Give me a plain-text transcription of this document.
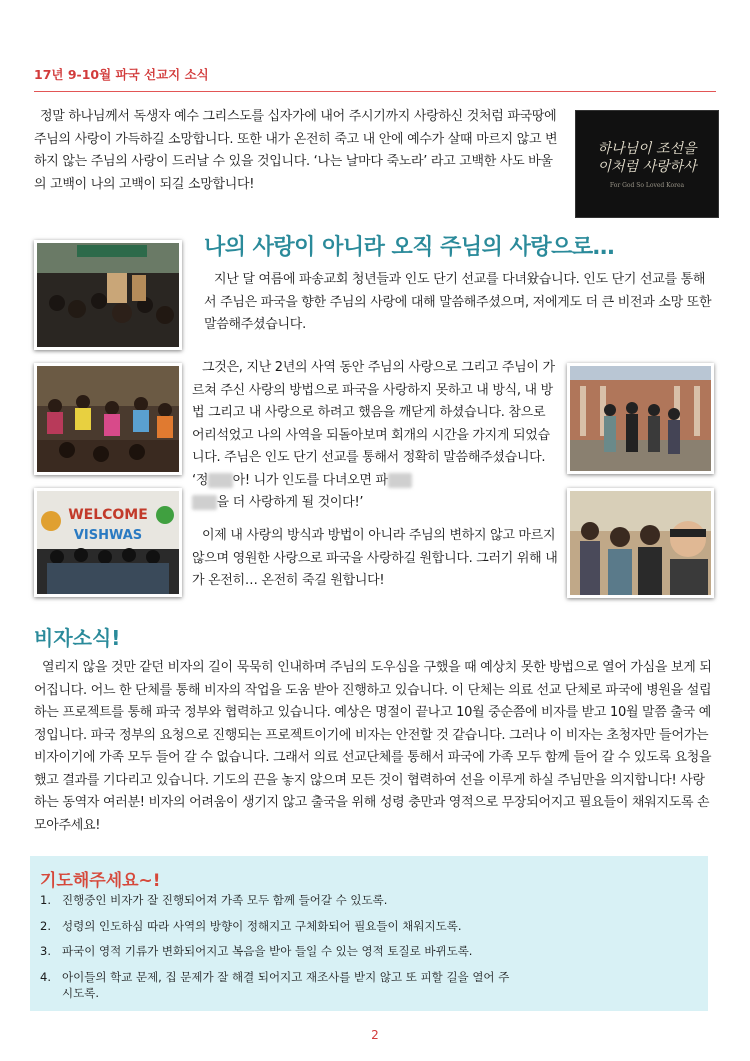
17년 9-10월 파국 선교지 소식
정말 하나님께서 독생자 예수 그리스도를 십자가에 내어 주시기까지 사랑하신 것처럼 파국땅에 주님의 사랑이 가득하길 소망합니다. 또한 내가 온전히 죽고 내 안에 예수가 살때 마르지 않고 변하지 않는 주님의 사랑이 드러날 수 있을 것입니다. ‘나는 날마다 죽노라’ 라고 고백한 사도 바울의 고백이 나의 고백이 되길 소망합니다!
하나님이 조선을
이처럼 사랑하사
For God So Loved Korea
WELCOME
VISHWAS
나의 사랑이 아니라 오직 주님의 사랑으로…
지난 달 여름에 파송교회 청년들과 인도 단기 선교를 다녀왔습니다. 인도 단기 선교를 통해서 주님은 파국을 향한 주님의 사랑에 대해 말씀해주셨으며, 저에게도 더 큰 비전과 소망 또한 말씀해주셨습니다.
그것은, 지난 2년의 사역 동안 주님의 사랑으로 그리고 주님이 가르쳐 주신 사랑의 방법으로 파국을 사랑하지 못하고 내 방식, 내 방법 그리고 내 사랑으로 하려고 했음을 깨닫게 하셨습니다. 참으로 어리석었고 나의 사역을 되돌아보며 회개의 시간을 가지게 되었습니다. 주님은 인도 단기 선교를 통해서 정확히 말씀해주셨습니다. ‘정 아! 니가 인도를 다녀오면 파
을 더 사랑하게 될 것이다!’
이제 내 사랑의 방식과 방법이 아니라 주님의 변하지 않고 마르지 않으며 영원한 사랑으로 파국을 사랑하길 원합니다. 그러기 위해 내가 온전히… 온전히 죽길 원합니다!
비자소식!
열리지 않을 것만 같던 비자의 길이 묵묵히 인내하며 주님의 도우심을 구했을 때 예상치 못한 방법으로 열어 가심을 보게 되어집니다. 어느 한 단체를 통해 비자의 작업을 도움 받아 진행하고 있습니다. 이 단체는 의료 선교 단체로 파국에 병원을 설립하는 프로젝트를 통해 파국 정부와 협력하고 있습니다. 예상은 명절이 끝나고 10월 중순쯤에 비자를 받고 10월 말쯤 출국 예정입니다. 파국 정부의 요청으로 진행되는 프로젝트이기에 비자는 안전할 것 같습니다. 그러나 이 비자는 초청자만 들어가는 비자이기에 가족 모두 들어 갈 수 없습니다. 그래서 의료 선교단체를 통해서 파국에 가족 모두 함께 들어 갈 수 있도록 요청을 했고 결과를 기다리고 있습니다. 기도의 끈을 놓지 않으며 모든 것이 협력하여 선을 이루게 하실 주님만을 의지합니다! 사랑하는 동역자 여러분! 비자의 어려움이 생기지 않고 출국을 위해 성령 충만과 영적으로 무장되어지고 필요들이 채워지도록 손모아주세요!
기도해주세요~!
1. 진행중인 비자가 잘 진행되어져 가족 모두 함께 들어갈 수 있도록.
2. 성령의 인도하심 따라 사역의 방향이 정해지고 구체화되어 필요들이 채워지도록.
3. 파국이 영적 기류가 변화되어지고 복음을 받아 들일 수 있는 영적 토질로 바뀌도록.
4. 아이들의 학교 문제, 집 문제가 잘 해결 되어지고 재조사를 받지 않고 또 피할 길을 열어 주시도록.
2
